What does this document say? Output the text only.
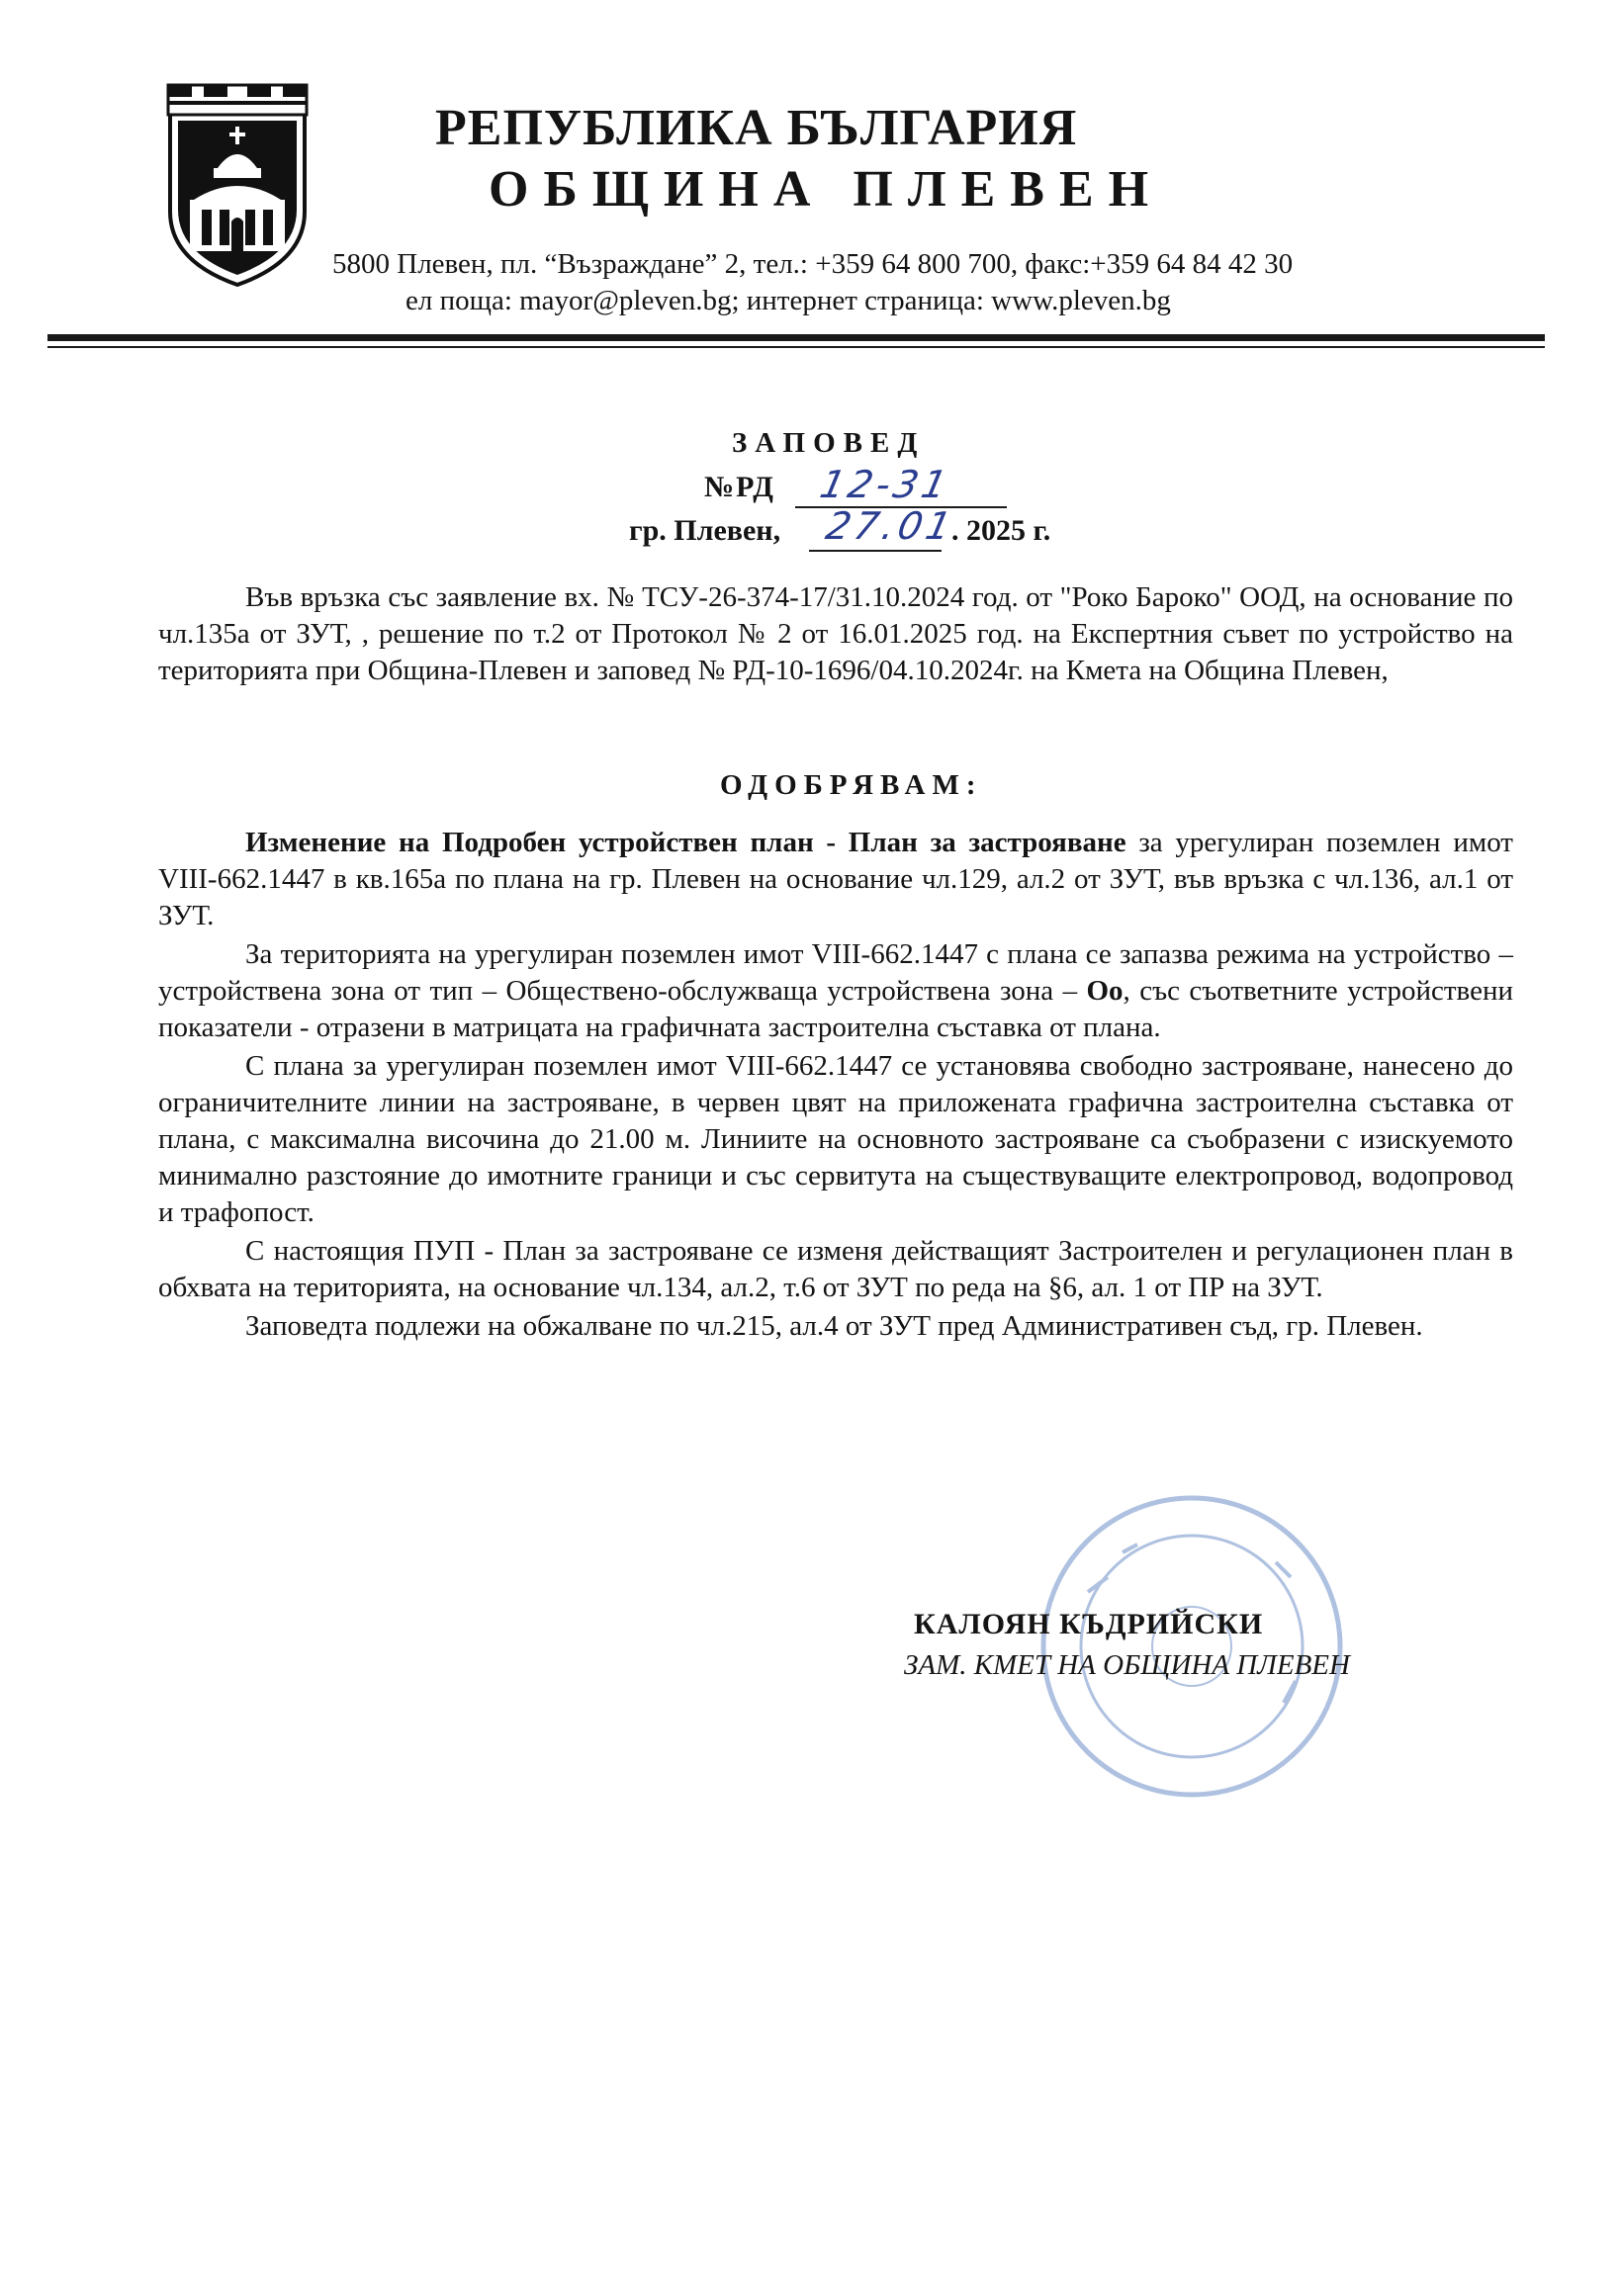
РЕПУБЛИКА БЪЛГАРИЯ
ОБЩИНА ПЛЕВЕН
5800 Плевен, пл. “Възраждане” 2, тел.: +359 64 800 700, факс:+359 64 84 42 30
ел поща: mayor@pleven.bg; интернет страница: www.pleven.bg
ЗАПОВЕД
№РД 12-31
гр. Плевен, 27.01
. 2025 г.

Във връзка със заявление вх. № ТСУ-26-374-17/31.10.2024 год. от "Роко Бароко" ООД, на основание по чл.135а от ЗУТ, , решение по т.2 от Протокол № 2 от 16.01.2025 год. на Експертния съвет по устройство на територията при Община-Плевен и заповед № РД-10-1696/04.10.2024г. на Кмета на Община Плевен,

ОДОБРЯВАМ:

Изменение на Подробен устройствен план - План за застрояване за урегулиран поземлен имот VIII-662.1447 в кв.165а по плана на гр. Плевен на основание чл.129, ал.2 от ЗУТ, във връзка с чл.136, ал.1 от ЗУТ.

За територията на урегулиран поземлен имот VIII-662.1447 с плана се запазва режима на устройство – устройствена зона от тип – Обществено-обслужваща устройствена зона – Оо, със съответните устройствени показатели - отразени в матрицата на графичната застроителна съставка от плана.

С плана за урегулиран поземлен имот VIII-662.1447 се установява свободно застрояване, нанесено до ограничителните линии на застрояване, в червен цвят на приложената графична застроителна съставка от плана, с максимална височина до 21.00 м. Линиите на основното застрояване са съобразени с изискуемото минимално разстояние до имотните граници и със сервитута на съществуващите електропровод, водопровод и трафопост.

С настоящия ПУП - План за застрояване се изменя действащият Застроителен и регулационен план в обхвата на територията, на основание чл.134, ал.2, т.6 от ЗУТ по реда на §6, ал. 1 от ПР на ЗУТ.

Заповедта подлежи на обжалване по чл.215, ал.4 от ЗУТ пред Административен съд, гр. Плевен.

КАЛОЯН КЪДРИЙСКИ
ЗАМ. КМЕТ НА ОБЩИНА ПЛЕВЕН
